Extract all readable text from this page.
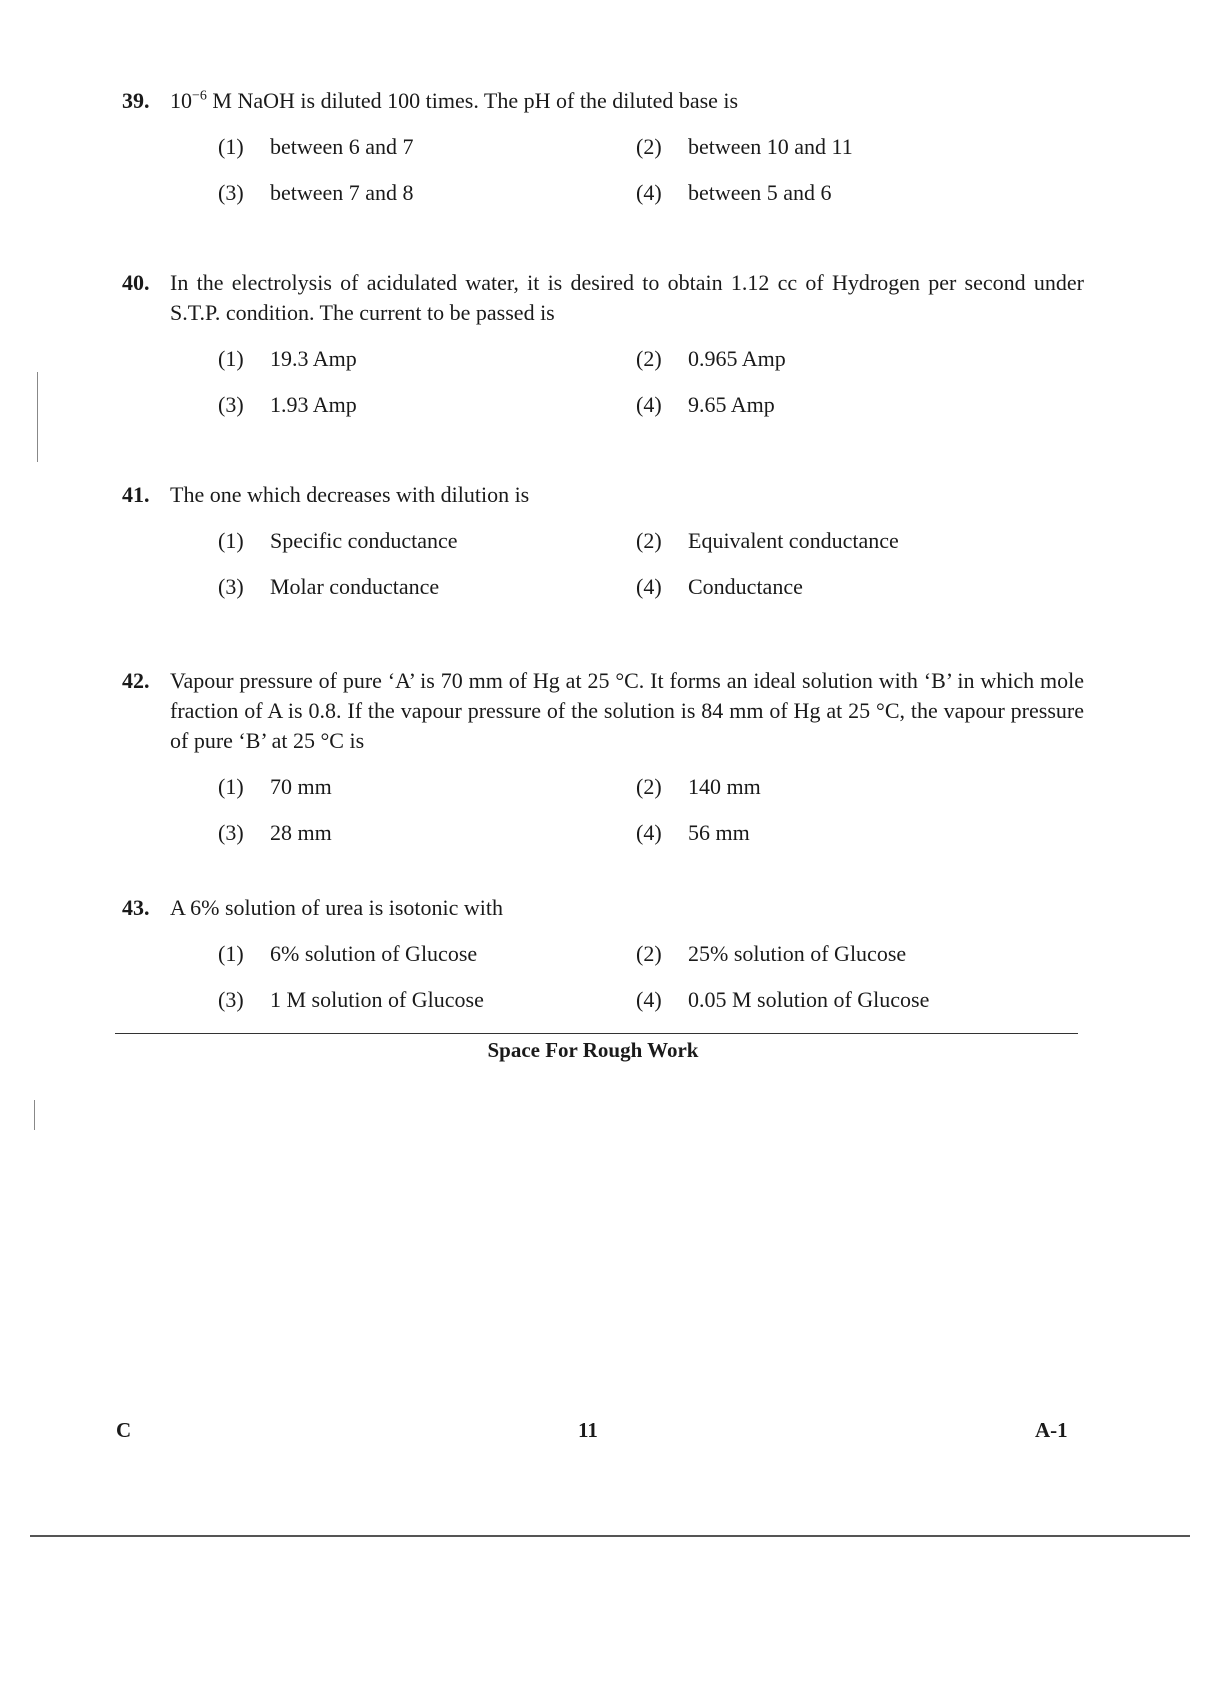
39. $10^{-6}$ M NaOH is diluted 100 times. The pH of the diluted base is
(1)	between 6 and 7	(2)	between 10 and 11
(3)	between 7 and 8	(4)	between 5 and 6
40. In the electrolysis of acidulated water, it is desired to obtain 1.12 cc of Hydrogen per second under S.T.P. condition. The current to be passed is
(1)	19.3 Amp	(2)	0.965 Amp
(3)	1.93 Amp	(4)	9.65 Amp
41. The one which decreases with dilution is
(1)	Specific conductance	(2)	Equivalent conductance
(3)	Molar conductance	(4)	Conductance
42. Vapour pressure of pure ‘A’ is 70 mm of Hg at 25 °C. It forms an ideal solution with ‘B’ in which mole fraction of A is 0.8. If the vapour pressure of the solution is 84 mm of Hg at 25 °C, the vapour pressure of pure ‘B’ at 25 °C is
(1)	70 mm	(2)	140 mm
(3)	28 mm	(4)	56 mm
43. A 6% solution of urea is isotonic with
(1)	6% solution of Glucose	(2)	25% solution of Glucose
(3)	1 M solution of Glucose	(4)	0.05 M solution of Glucose
Space For Rough Work
C	11	A-1
